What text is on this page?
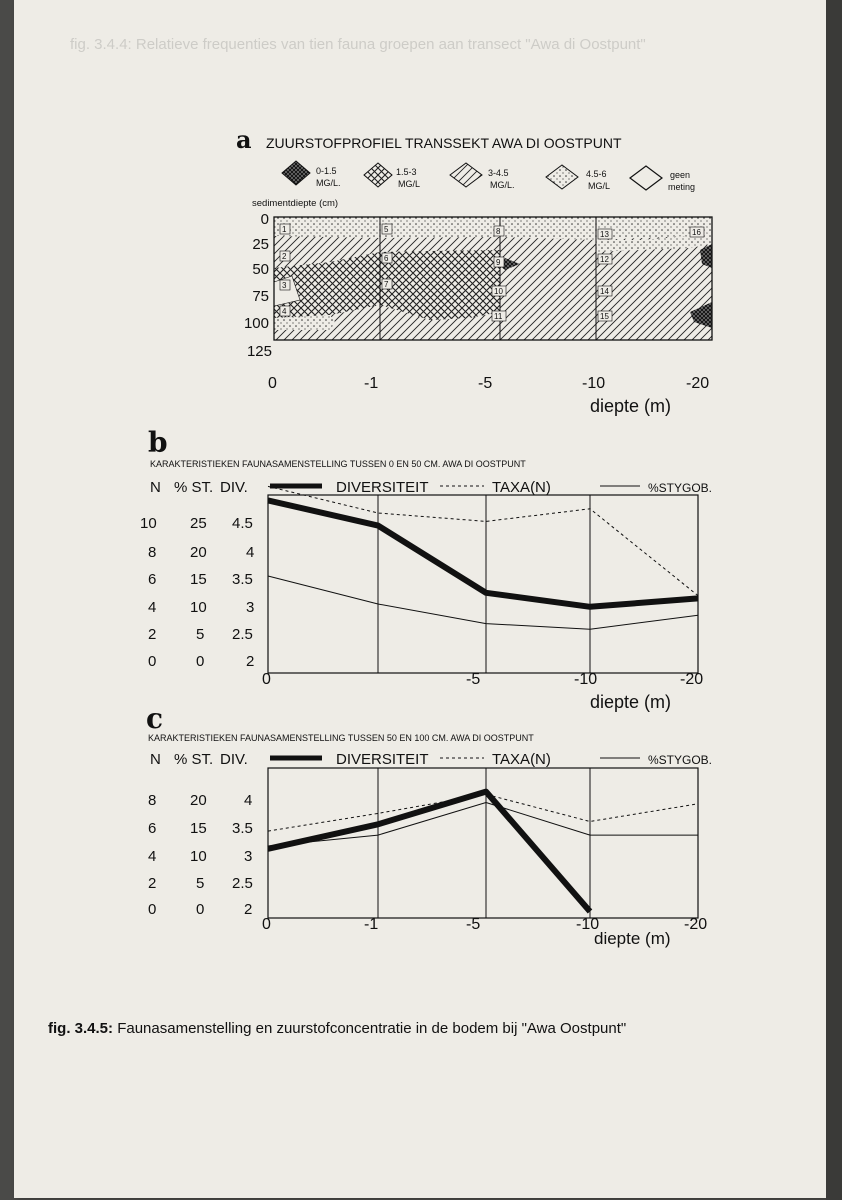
fig. 3.4.4: Relatieve frequenties van tien fauna groepen aan transect "Awa di Oostpunt"
a ZUURSTOFPROFIEL TRANSSEKT AWA DI OOSTPUNT
0-1.5
MG/L.
1.5-3
MG/L
3-4.5
MG/L.
4.5-6
MG/L
geen
meting
sedimentdiepte (cm)
0
25
50
75
100
125
0	-1	-5	-10	-20
diepte (m)
1
2
3
4
5
6
7
8
9
10
11
12
13
14
15
16
b
KARAKTERISTIEKEN FAUNASAMENSTELLING TUSSEN 0 EN 50 CM. AWA DI OOSTPUNT
N % ST. DIV.	DIVERSITEIT	TAXA(N)	%STYGOB.
10
8
6
4
2
0
25
20
15
10
5
0
4.5
4
3.5
3
2.5
2
0	-5	-10	-20
diepte (m)
c
KARAKTERISTIEKEN FAUNASAMENSTELLING TUSSEN 50 EN 100 CM. AWA DI OOSTPUNT
N % ST. DIV.	DIVERSITEIT	TAXA(N)	%STYGOB.
8
6
4
2
0
20
15
10
5
0
4
3.5
3
2.5
2
0	-1	-5	-10	-20
diepte (m)
fig. 3.4.5: Faunasamenstelling en zuurstofconcentratie in de bodem bij "Awa Oostpunt"
